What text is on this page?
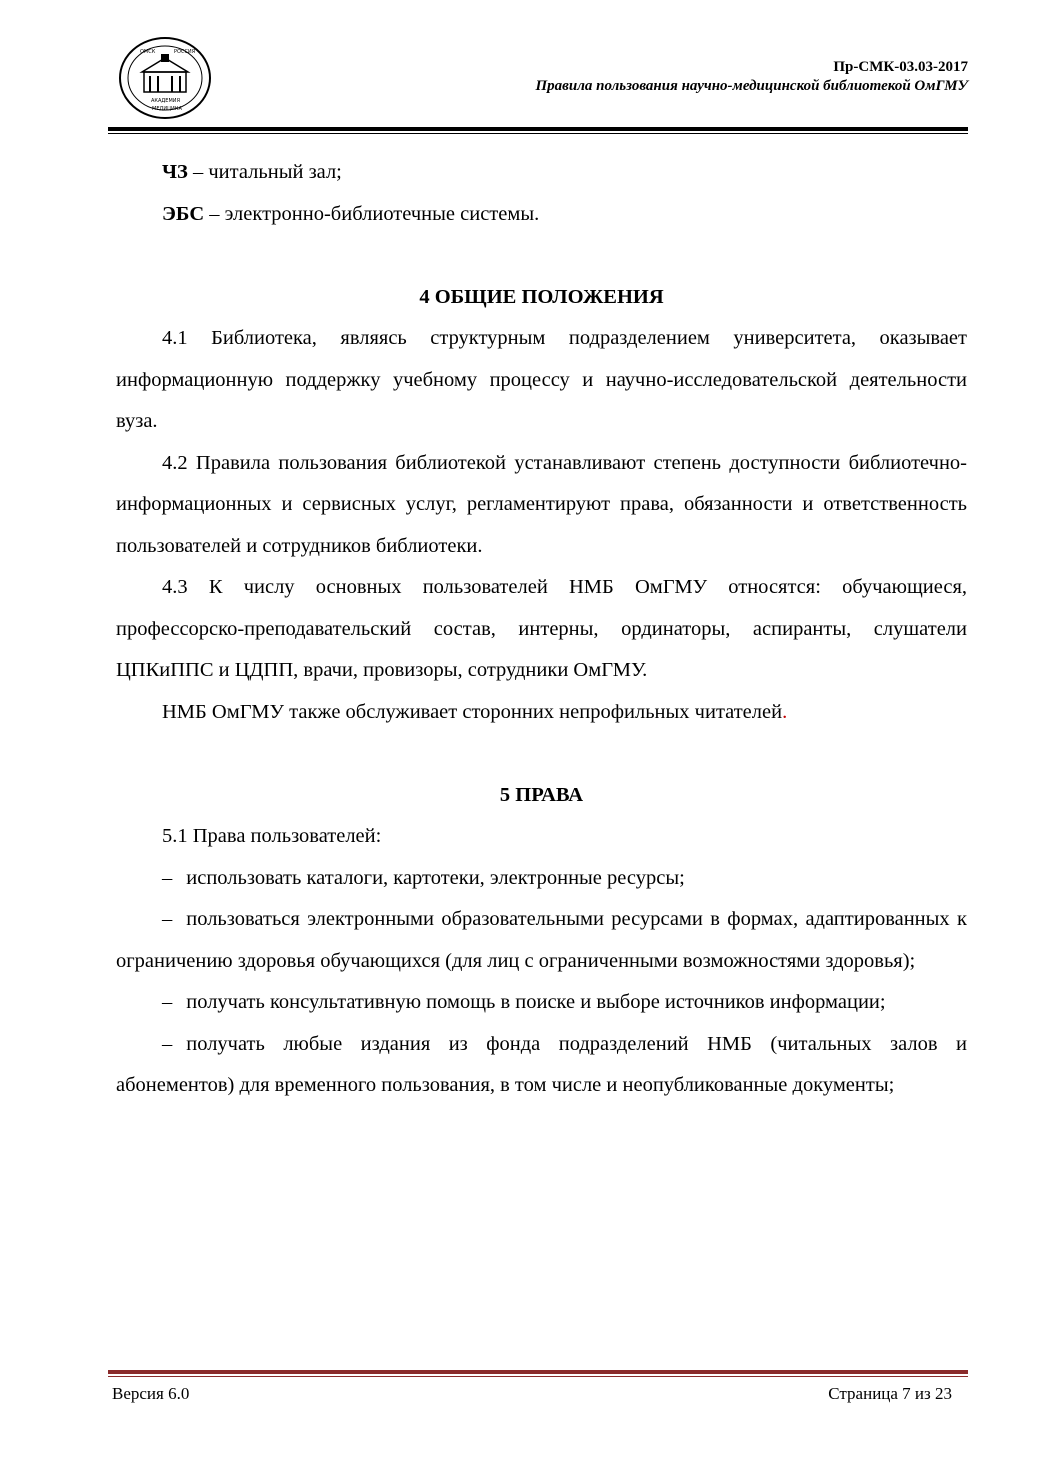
ОМСК	РОССИЯ
АКАДЕМИЯ
МЕДИЦИНА
Пр-СМК-03.03-2017
Правила пользования научно-медицинской библиотекой ОмГМУ

ЧЗ – читальный зал;

ЭБС – электронно-библиотечные системы.

4 ОБЩИЕ ПОЛОЖЕНИЯ

4.1 Библиотека, являясь структурным подразделением университета, оказывает информационную поддержку учебному процессу и научно-исследовательской деятельности вуза.

4.2 Правила пользования библиотекой устанавливают степень доступности библиотечно-информационных и сервисных услуг, регламентируют права, обязанности и ответственность пользователей и сотрудников библиотеки.

4.3 К числу основных пользователей НМБ ОмГМУ относятся: обучающиеся, профессорско-преподавательский состав, интерны, ординаторы, аспиранты, слушатели ЦПКиППС и ЦДПП, врачи, провизоры, сотрудники ОмГМУ.

НМБ ОмГМУ также обслуживает сторонних непрофильных читателей.

5 ПРАВА

5.1 Права пользователей:

– использовать каталоги, картотеки, электронные ресурсы;

– пользоваться электронными образовательными ресурсами в формах, адаптированных к ограничению здоровья обучающихся (для лиц с ограниченными возможностями здоровья);

– получать консультативную помощь в поиске и выборе источников информации;

– получать любые издания из фонда подразделений НМБ (читальных залов и абонементов) для временного пользования, в том числе и неопубликованные документы;

Версия 6.0	Страница 7 из 23
